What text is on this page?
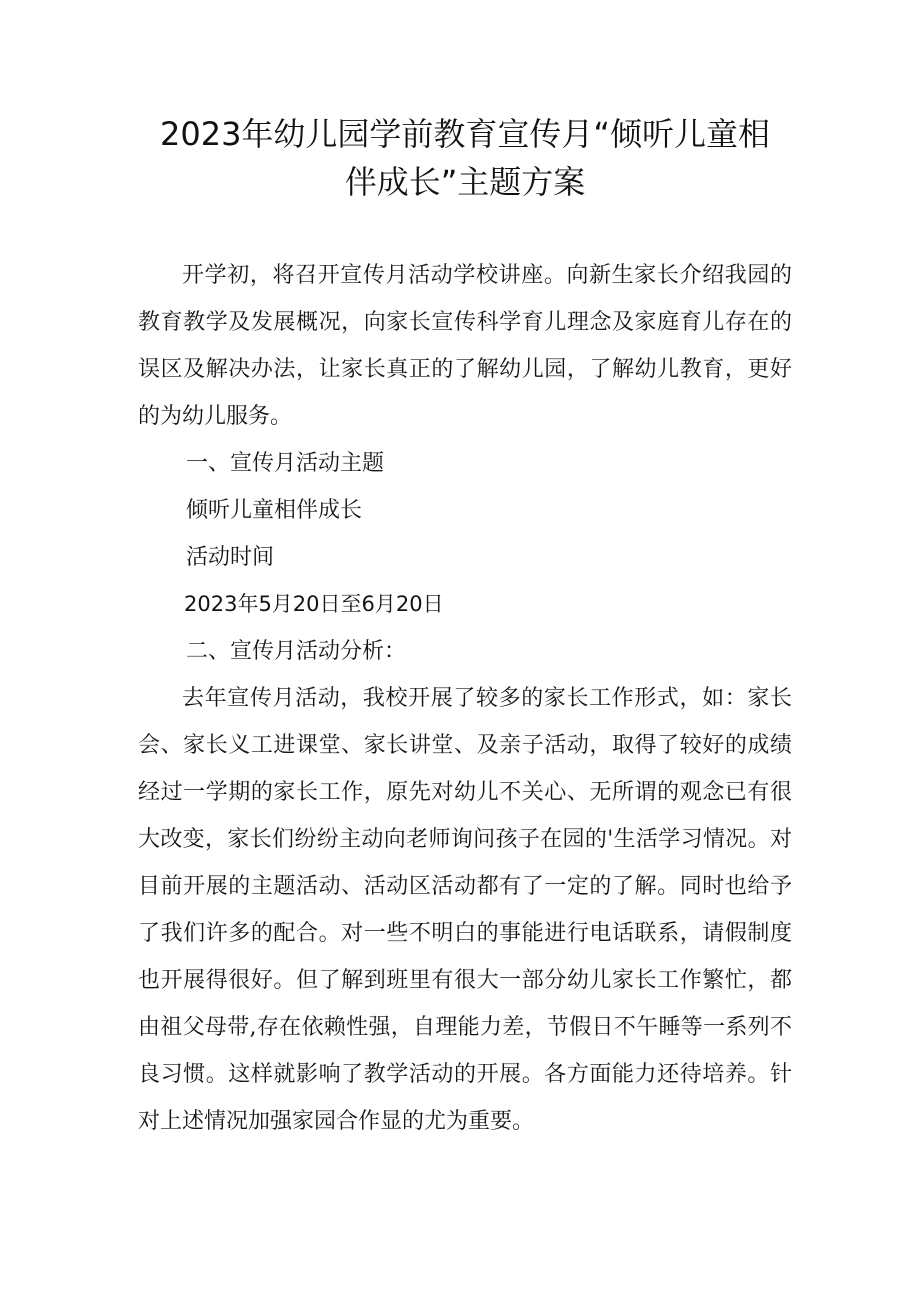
2023年幼儿园学前教育宣传月“倾听儿童相
伴成长”主题方案

开学初，将召开宣传月活动学校讲座。向新生家长介绍我园的教育教学及发展概况，向家长宣传科学育儿理念及家庭育儿存在的误区及解决办法，让家长真正的了解幼儿园，了解幼儿教育，更好的为幼儿服务。

一、宣传月活动主题

倾听儿童相伴成长

活动时间

2023年5月20日至6月20日

二、宣传月活动分析：

去年宣传月活动，我校开展了较多的家长工作形式，如：家长会、家长义工进课堂、家长讲堂、及亲子活动，取得了较好的成绩经过一学期的家长工作，原先对幼儿不关心、无所谓的观念已有很大改变，家长们纷纷主动向老师询问孩子在园的'生活学习情况。对目前开展的主题活动、活动区活动都有了一定的了解。同时也给予了我们许多的配合。对一些不明白的事能进行电话联系，请假制度也开展得很好。但了解到班里有很大一部分幼儿家长工作繁忙，都由祖父母带,存在依赖性强，自理能力差，节假日不午睡等一系列不良习惯。这样就影响了教学活动的开展。各方面能力还待培养。针对上述情况加强家园合作显的尤为重要。
